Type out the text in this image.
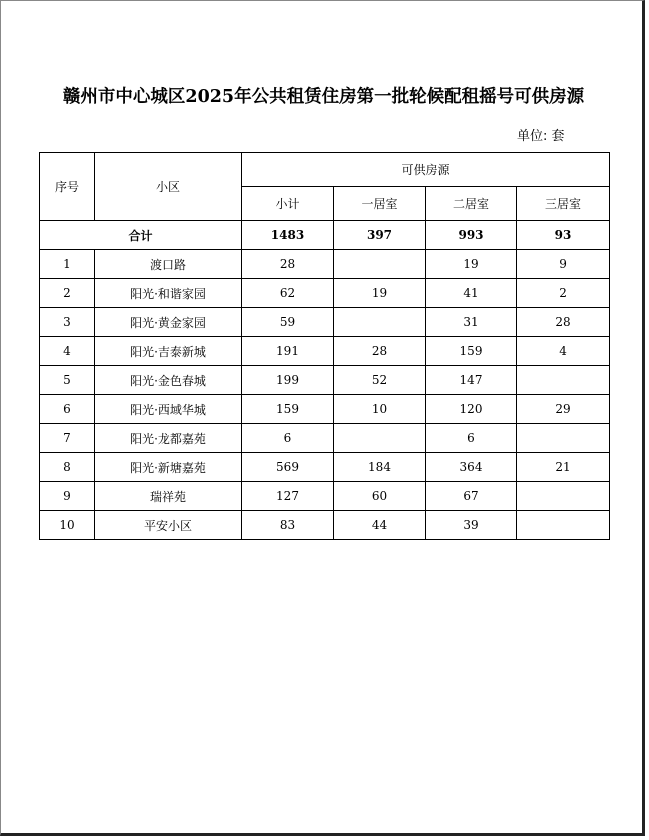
赣州市中心城区2025年公共租赁住房第一批轮候配租摇号可供房源
单位: 套
序号	小区	可供房源			
		小计	一居室	二居室	三居室
合计		1483	397	993	93
1	渡口路	28		19	9
2	阳光·和谐家园	62	19	41	2
3	阳光·黄金家园	59		31	28
4	阳光·吉泰新城	191	28	159	4
5	阳光·金色春城	199	52	147	
6	阳光·西域华城	159	10	120	29
7	阳光·龙都嘉苑	6		6	
8	阳光·新塘嘉苑	569	184	364	21
9	瑞祥苑	127	60	67	
10	平安小区	83	44	39	
